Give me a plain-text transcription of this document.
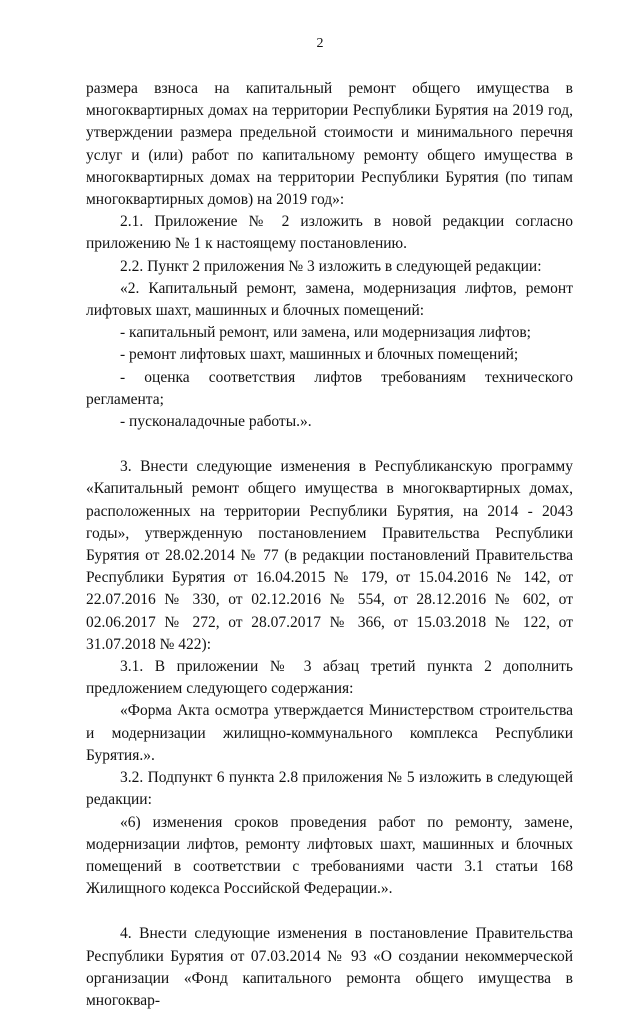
2

размера взноса на капитальный ремонт общего имущества в многоквартирных домах на территории Республики Бурятия на 2019 год, утверждении размера предельной стоимости и минимального перечня услуг и (или) работ по капитальному ремонту общего имущества в многоквартирных домах на территории Республики Бурятия (по типам многоквартирных домов) на 2019 год»:

2.1. Приложение № 2 изложить в новой редакции согласно приложению № 1 к настоящему постановлению.

2.2. Пункт 2 приложения № 3 изложить в следующей редакции:

«2. Капитальный ремонт, замена, модернизация лифтов, ремонт лифтовых шахт, машинных и блочных помещений:

- капитальный ремонт, или замена, или модернизация лифтов;

- ремонт лифтовых шахт, машинных и блочных помещений;

- оценка соответствия лифтов требованиям технического регламента;

- пусконаладочные работы.».

3. Внести следующие изменения в Республиканскую программу «Капитальный ремонт общего имущества в многоквартирных домах, расположенных на территории Республики Бурятия, на 2014 - 2043 годы», утвержденную постановлением Правительства Республики Бурятия от 28.02.2014 № 77 (в редакции постановлений Правительства Республики Бурятия от 16.04.2015 № 179, от 15.04.2016 № 142, от 22.07.2016 № 330, от 02.12.2016 № 554, от 28.12.2016 № 602, от 02.06.2017 № 272, от 28.07.2017 № 366, от 15.03.2018 № 122, от 31.07.2018 № 422):

3.1. В приложении № 3 абзац третий пункта 2 дополнить предложением следующего содержания:

«Форма Акта осмотра утверждается Министерством строительства и модернизации жилищно-коммунального комплекса Республики Бурятия.».

3.2. Подпункт 6 пункта 2.8 приложения № 5 изложить в следующей редакции:

«6) изменения сроков проведения работ по ремонту, замене, модернизации лифтов, ремонту лифтовых шахт, машинных и блочных помещений в соответствии с требованиями части 3.1 статьи 168 Жилищного кодекса Российской Федерации.».

4. Внести следующие изменения в постановление Правительства Республики Бурятия от 07.03.2014 № 93 «О создании некоммерческой организации «Фонд капитального ремонта общего имущества в многоквар-
